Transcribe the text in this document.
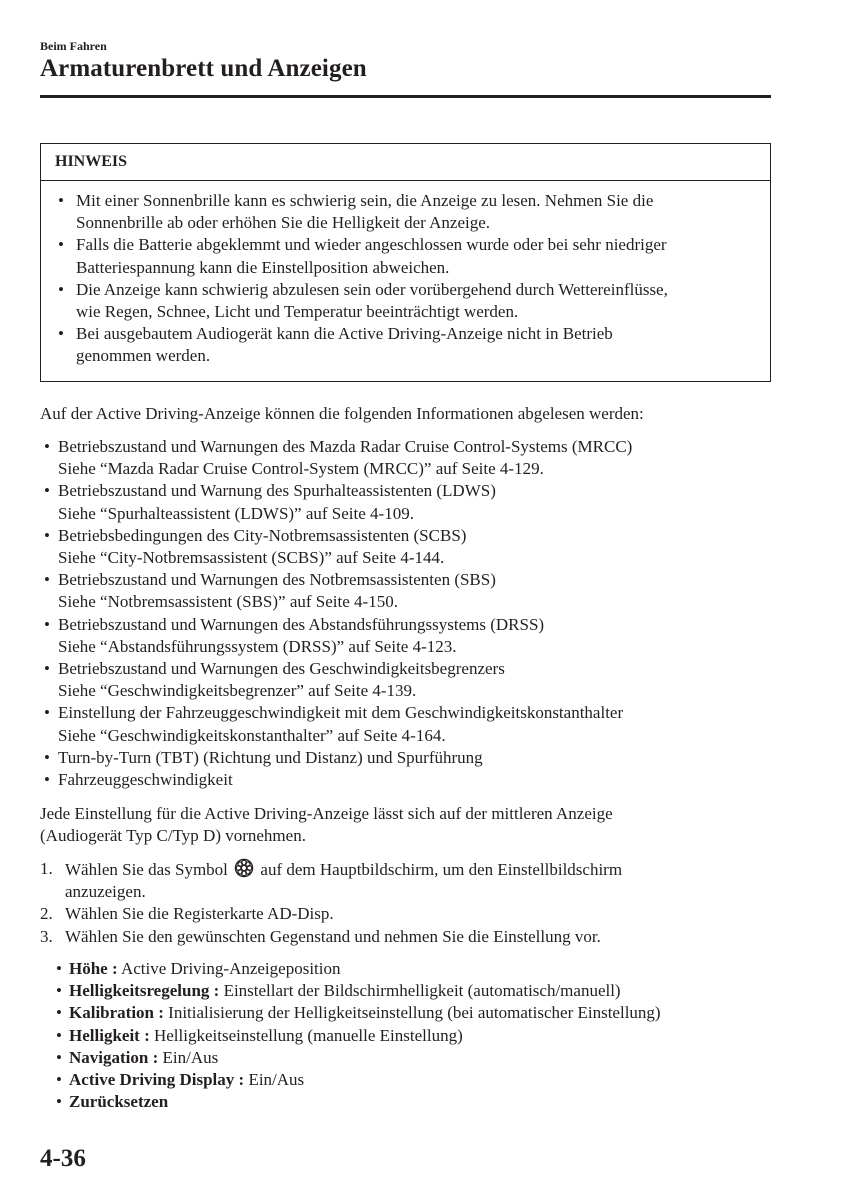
Beim Fahren
Armaturenbrett und Anzeigen
HINWEIS
• Mit einer Sonnenbrille kann es schwierig sein, die Anzeige zu lesen. Nehmen Sie die
Sonnenbrille ab oder erhöhen Sie die Helligkeit der Anzeige.
• Falls die Batterie abgeklemmt und wieder angeschlossen wurde oder bei sehr niedriger
Batteriespannung kann die Einstellposition abweichen.
• Die Anzeige kann schwierig abzulesen sein oder vorübergehend durch Wettereinflüsse,
wie Regen, Schnee, Licht und Temperatur beeinträchtigt werden.
• Bei ausgebautem Audiogerät kann die Active Driving-Anzeige nicht in Betrieb
genommen werden.
Auf der Active Driving-Anzeige können die folgenden Informationen abgelesen werden:
• Betriebszustand und Warnungen des Mazda Radar Cruise Control-Systems (MRCC)
Siehe “Mazda Radar Cruise Control-System (MRCC)” auf Seite 4-129.
• Betriebszustand und Warnung des Spurhalteassistenten (LDWS)
Siehe “Spurhalteassistent (LDWS)” auf Seite 4-109.
• Betriebsbedingungen des City-Notbremsassistenten (SCBS)
Siehe “City-Notbremsassistent (SCBS)” auf Seite 4-144.
• Betriebszustand und Warnungen des Notbremsassistenten (SBS)
Siehe “Notbremsassistent (SBS)” auf Seite 4-150.
• Betriebszustand und Warnungen des Abstandsführungssystems (DRSS)
Siehe “Abstandsführungssystem (DRSS)” auf Seite 4-123.
• Betriebszustand und Warnungen des Geschwindigkeitsbegrenzers
Siehe “Geschwindigkeitsbegrenzer” auf Seite 4-139.
• Einstellung der Fahrzeuggeschwindigkeit mit dem Geschwindigkeitskonstanthalter
Siehe “Geschwindigkeitskonstanthalter” auf Seite 4-164.
• Turn-by-Turn (TBT) (Richtung und Distanz) und Spurführung
• Fahrzeuggeschwindigkeit
Jede Einstellung für die Active Driving-Anzeige lässt sich auf der mittleren Anzeige
(Audiogerät Typ C/Typ D) vornehmen.
1. Wählen Sie das Symbol auf dem Hauptbildschirm, um den Einstellbildschirm
anzuzeigen.
2. Wählen Sie die Registerkarte AD-Disp.
3. Wählen Sie den gewünschten Gegenstand und nehmen Sie die Einstellung vor.
• Höhe : Active Driving-Anzeigeposition
• Helligkeitsregelung : Einstellart der Bildschirmhelligkeit (automatisch/manuell)
• Kalibration : Initialisierung der Helligkeitseinstellung (bei automatischer Einstellung)
• Helligkeit : Helligkeitseinstellung (manuelle Einstellung)
• Navigation : Ein/Aus
• Active Driving Display : Ein/Aus
• Zurücksetzen
4-36
